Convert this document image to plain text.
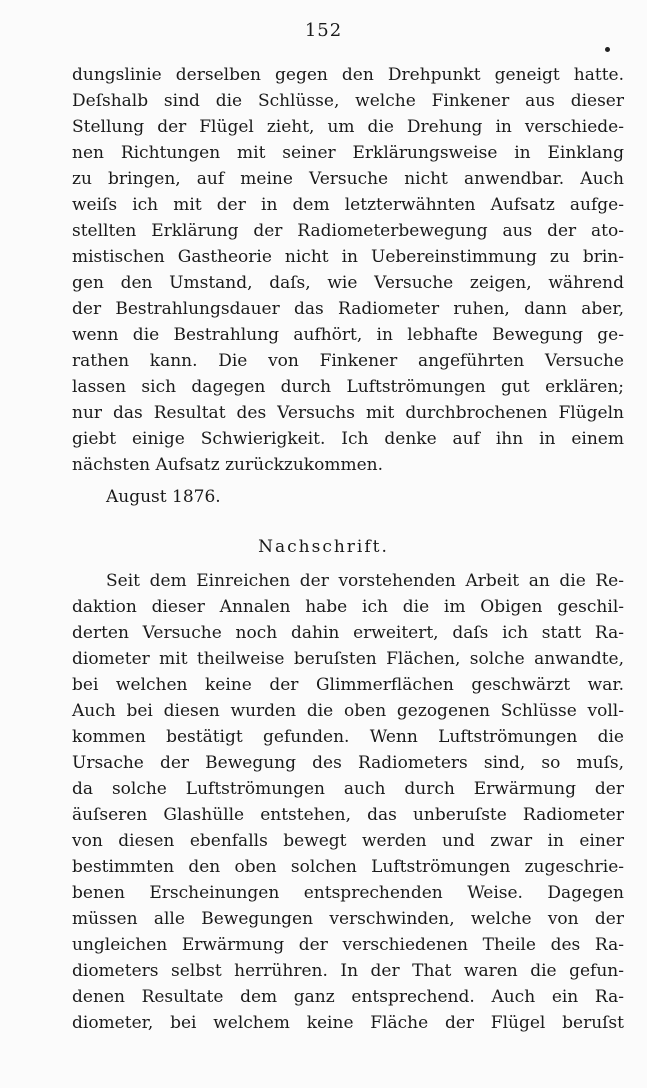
152
dungslinie derselben gegen den Drehpunkt geneigt hatte.
Deſshalb sind die Schlüsse, welche Finkener aus dieser
Stellung der Flügel zieht, um die Drehung in verschiede-
nen Richtungen mit seiner Erklärungsweise in Einklang
zu bringen, auf meine Versuche nicht anwendbar. Auch
weiſs ich mit der in dem letzterwähnten Aufsatz aufge-
stellten Erklärung der Radiometerbewegung aus der ato-
mistischen Gastheorie nicht in Uebereinstimmung zu brin-
gen den Umstand, daſs, wie Versuche zeigen, während
der Bestrahlungsdauer das Radiometer ruhen, dann aber,
wenn die Bestrahlung aufhört, in lebhafte Bewegung ge-
rathen kann. Die von Finkener angeführten Versuche
lassen sich dagegen durch Luftströmungen gut erklären;
nur das Resultat des Versuchs mit durchbrochenen Flügeln
giebt einige Schwierigkeit. Ich denke auf ihn in einem
nächsten Aufsatz zurückzukommen.
August 1876.
Nachschrift.
Seit dem Einreichen der vorstehenden Arbeit an die Re-
daktion dieser Annalen habe ich die im Obigen geschil-
derten Versuche noch dahin erweitert, daſs ich statt Ra-
diometer mit theilweise beruſsten Flächen, solche anwandte,
bei welchen keine der Glimmerflächen geschwärzt war.
Auch bei diesen wurden die oben gezogenen Schlüsse voll-
kommen bestätigt gefunden. Wenn Luftströmungen die
Ursache der Bewegung des Radiometers sind, so muſs,
da solche Luftströmungen auch durch Erwärmung der
äuſseren Glashülle entstehen, das unberuſste Radiometer
von diesen ebenfalls bewegt werden und zwar in einer
bestimmten den oben solchen Luftströmungen zugeschrie-
benen Erscheinungen entsprechenden Weise. Dagegen
müssen alle Bewegungen verschwinden, welche von der
ungleichen Erwärmung der verschiedenen Theile des Ra-
diometers selbst herrühren. In der That waren die gefun-
denen Resultate dem ganz entsprechend. Auch ein Ra-
diometer, bei welchem keine Fläche der Flügel beruſst
